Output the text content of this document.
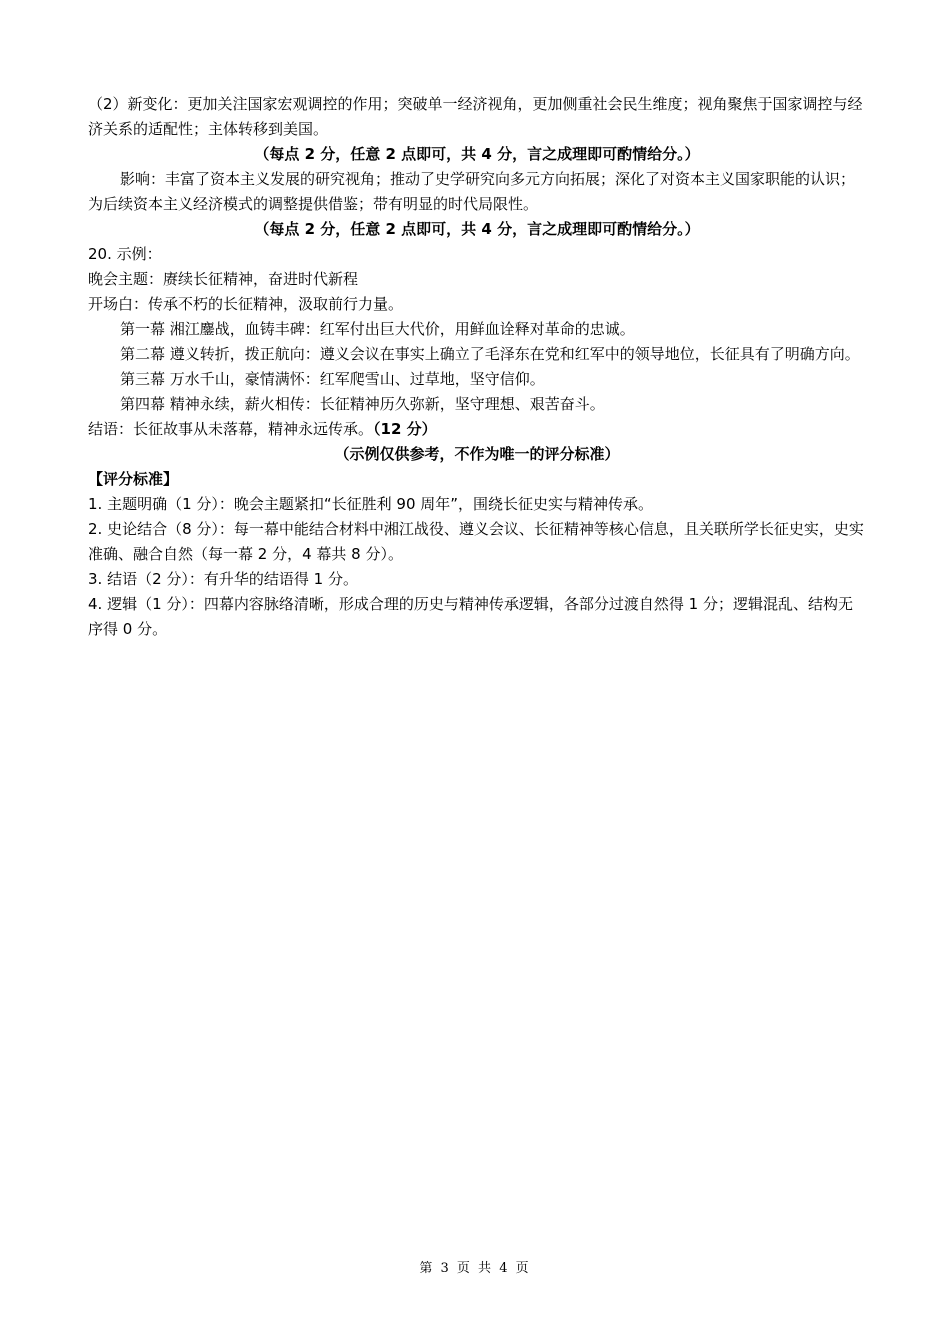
（2）新变化：更加关注国家宏观调控的作用；突破单一经济视角，更加侧重社会民生维度；视角聚焦于国家调控与经济关系的适配性；主体转移到美国。

（每点 2 分，任意 2 点即可，共 4 分，言之成理即可酌情给分。）

影响：丰富了资本主义发展的研究视角；推动了史学研究向多元方向拓展；深化了对资本主义国家职能的认识；为后续资本主义经济模式的调整提供借鉴；带有明显的时代局限性。

（每点 2 分，任意 2 点即可，共 4 分，言之成理即可酌情给分。）

20. 示例：

晚会主题：赓续长征精神，奋进时代新程

开场白：传承不朽的长征精神，汲取前行力量。

第一幕 湘江鏖战，血铸丰碑：红军付出巨大代价，用鲜血诠释对革命的忠诚。

第二幕 遵义转折，拨正航向：遵义会议在事实上确立了毛泽东在党和红军中的领导地位，长征具有了明确方向。

第三幕 万水千山，豪情满怀：红军爬雪山、过草地，坚守信仰。

第四幕 精神永续，薪火相传：长征精神历久弥新，坚守理想、艰苦奋斗。

结语：长征故事从未落幕，精神永远传承。（12 分）

（示例仅供参考，不作为唯一的评分标准）

【评分标准】

1. 主题明确（1 分）：晚会主题紧扣“长征胜利 90 周年”，围绕长征史实与精神传承。

2. 史论结合（8 分）：每一幕中能结合材料中湘江战役、遵义会议、长征精神等核心信息，且关联所学长征史实，史实准确、融合自然（每一幕 2 分，4 幕共 8 分）。

3. 结语（2 分）：有升华的结语得 1 分。

4. 逻辑（1 分）：四幕内容脉络清晰，形成合理的历史与精神传承逻辑，各部分过渡自然得 1 分；逻辑混乱、结构无序得 0 分。

第 3 页 共 4 页
